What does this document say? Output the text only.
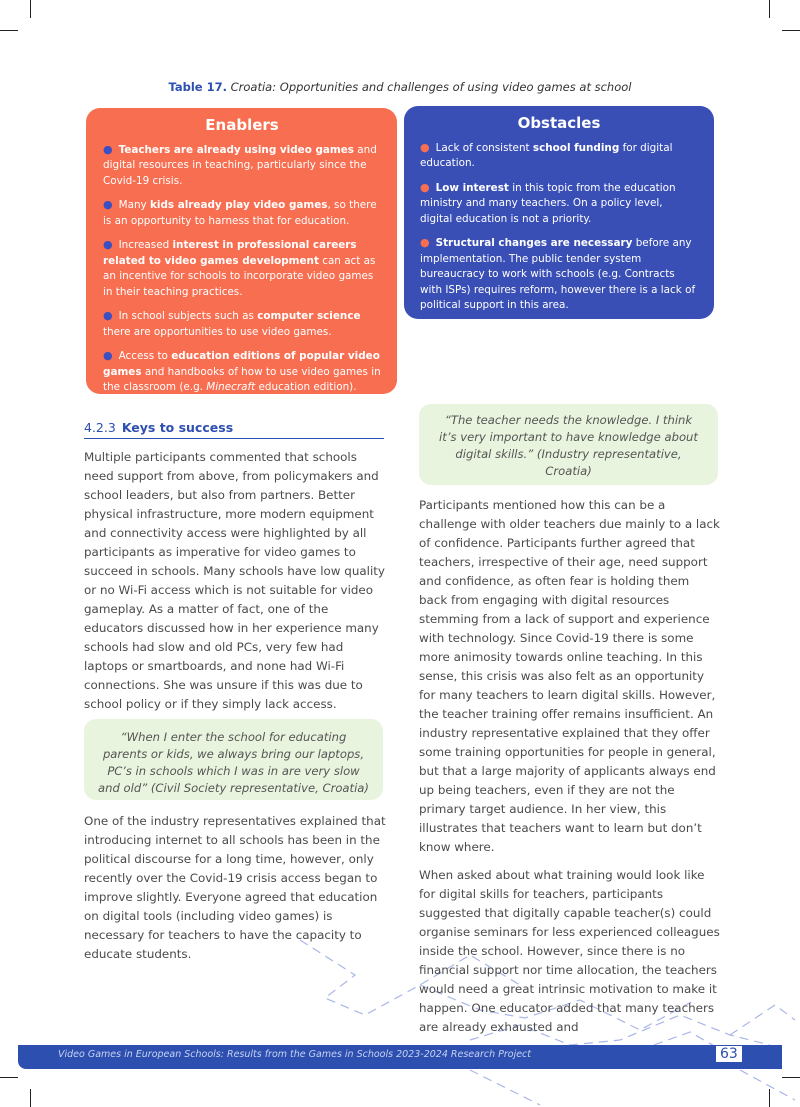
Table 17. Croatia: Opportunities and challenges of using video games at school
Enablers

● Teachers are already using video games and digital resources in teaching, particularly since the Covid-19 crisis.

● Many kids already play video games, so there is an opportunity to harness that for education.

● Increased interest in professional careers related to video games development can act as an incentive for schools to incorporate video games in their teaching practices.

● In school subjects such as computer science there are opportunities to use video games.

● Access to education editions of popular video games and handbooks of how to use video games in the classroom (e.g. Minecraft education edition).

Obstacles

● Lack of consistent school funding for digital education.

● Low interest in this topic from the education ministry and many teachers. On a policy level, digital education is not a priority.

● Structural changes are necessary before any implementation. The public tender system bureaucracy to work with schools (e.g. Contracts with ISPs) requires reform, however there is a lack of political support in this area.

4.2.3 Keys to success

Multiple participants commented that schools need support from above, from policymakers and school leaders, but also from partners. Better physical infrastructure, more modern equipment and connectivity access were highlighted by all participants as imperative for video games to succeed in schools. Many schools have low quality or no Wi-Fi access which is not suitable for video gameplay. As a matter of fact, one of the educators discussed how in her experience many schools had slow and old PCs, very few had laptops or smartboards, and none had Wi-Fi connections. She was unsure if this was due to school policy or if they simply lack access.

“When I enter the school for educating parents or kids, we always bring our laptops, PC’s in schools which I was in are very slow and old” (Civil Society representative, Croatia)

One of the industry representatives explained that introducing internet to all schools has been in the political discourse for a long time, however, only recently over the Covid-19 crisis access began to improve slightly. Everyone agreed that education on digital tools (including video games) is necessary for teachers to have the capacity to educate students.

“The teacher needs the knowledge. I think it’s very important to have knowledge about digital skills.” (Industry representative, Croatia)

Participants mentioned how this can be a challenge with older teachers due mainly to a lack of confidence. Participants further agreed that teachers, irrespective of their age, need support and confidence, as often fear is holding them back from engaging with digital resources stemming from a lack of support and experience with technology. Since Covid-19 there is some more animosity towards online teaching. In this sense, this crisis was also felt as an opportunity for many teachers to learn digital skills. However, the teacher training offer remains insufficient. An industry representative explained that they offer some training opportunities for people in general, but that a large majority of applicants always end up being teachers, even if they are not the primary target audience. In her view, this illustrates that teachers want to learn but don’t know where.

When asked about what training would look like for digital skills for teachers, participants suggested that digitally capable teacher(s) could organise seminars for less experienced colleagues inside the school. However, since there is no financial support nor time allocation, the teachers would need a great intrinsic motivation to make it happen. One educator added that many teachers are already exhausted and

Video Games in European Schools: Results from the Games in Schools 2023-2024 Research Project	63
